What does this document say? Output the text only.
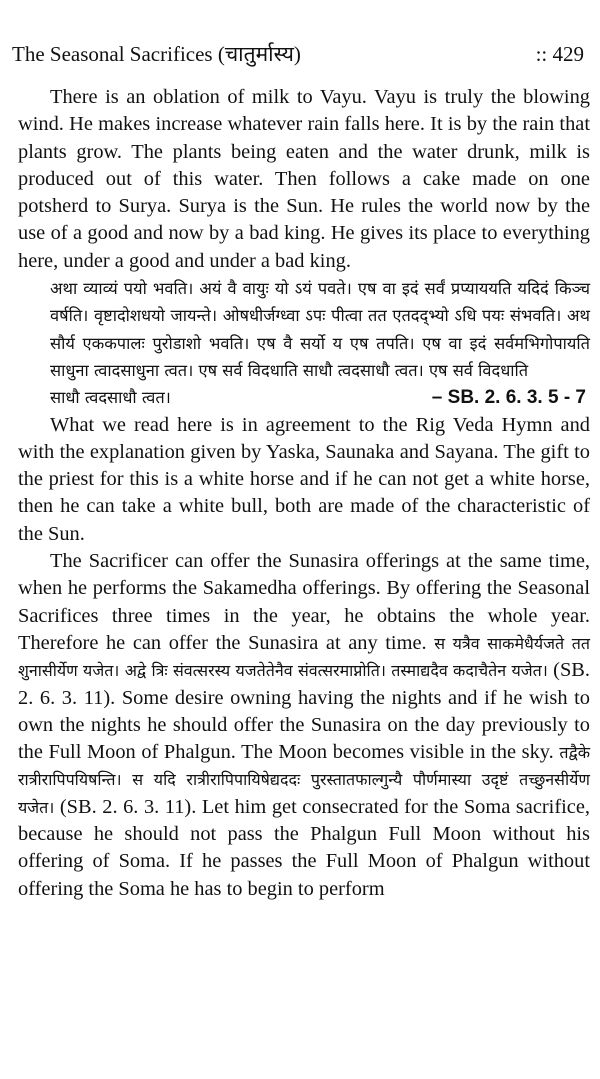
The Seasonal Sacrifices (चातुर्मास्य)	:: 429

There is an oblation of milk to Vayu. Vayu is truly the blowing wind. He makes increase whatever rain falls here. It is by the rain that plants grow. The plants being eaten and the water drunk, milk is produced out of this water. Then follows a cake made on one potsherd to Surya. Surya is the Sun. He rules the world now by the use of a good and now by a bad king. He gives its place to everything here, under a good and under a bad king.

अथा व्याव्यं पयो भवति। अयं वै वायुः यो ऽयं पवते। एष वा इदं सर्वं प्रप्याययति यदिदं किञ्च वर्षति। वृष्टादोशधयो जायन्ते। ओषधीर्जग्ध्वा ऽपः पीत्वा तत एतदद्भ्यो ऽधि पयः संभवति। अथ सौर्य एककपालः पुरोडाशो भवति। एष वै सर्यो य एष तपति। एष वा इदं सर्वमभिगोपायति साधुना त्वादसाधुना त्वत। एष सर्व विदधाति साधौ त्वदसाधौ त्वत। एष सर्व विदधाति

साधौ त्वदसाधौ त्वत।	– SB. 2. 6. 3. 5 - 7

What we read here is in agreement to the Rig Veda Hymn and with the explanation given by Yaska, Saunaka and Sayana. The gift to the priest for this is a white horse and if he can not get a white horse, then he can take a white bull, both are made of the characteristic of the Sun.

The Sacrificer can offer the Sunasira offerings at the same time, when he performs the Sakamedha offerings. By offering the Seasonal Sacrifices three times in the year, he obtains the whole year. Therefore he can offer the Sunasira at any time. स यत्रैव साकमेधैर्यजते तत शुनासीर्येण यजेत। अद्वे त्रिः संवत्सरस्य यजतेतेनैव संवत्सरमाप्नोति। तस्माद्यदैव कदाचैतेन यजेत। (SB. 2. 6. 3. 11). Some desire owning having the nights and if he wish to own the nights he should offer the Sunasira on the day previously to the Full Moon of Phalgun. The Moon becomes visible in the sky. तद्वैके रात्रीरापिपयिषन्ति। स यदि रात्रीरापिपायिषेद्यददः पुरस्तातफाल्गुन्यै पौर्णमास्या उदृष्टं तच्छुनसीर्येण यजेत। (SB. 2. 6. 3. 11). Let him get consecrated for the Soma sacrifice, because he should not pass the Phalgun Full Moon without his offering of Soma. If he passes the Full Moon of Phalgun without offering the Soma he has to begin to perform
